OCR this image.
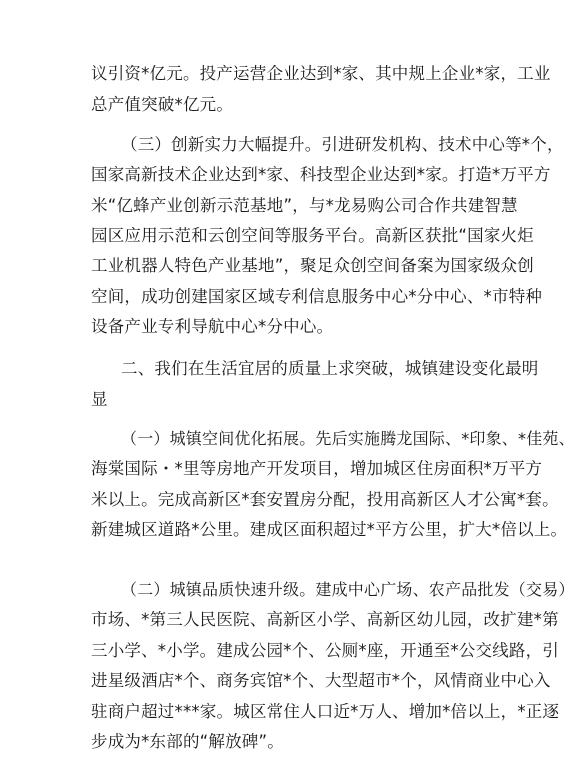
议引资*亿元。投产运营企业达到*家、其中规上企业*家，工业
总产值突破*亿元。
（三）创新实力大幅提升。引进研发机构、技术中心等*个，
国家高新技术企业达到*家、科技型企业达到*家。打造*万平方
米“亿蜂产业创新示范基地”，与*龙易购公司合作共建智慧
园区应用示范和云创空间等服务平台。高新区获批“国家火炬
工业机器人特色产业基地”，聚足众创空间备案为国家级众创
空间，成功创建国家区域专利信息服务中心*分中心、*市特种
设备产业专利导航中心*分中心。
二、我们在生活宜居的质量上求突破，城镇建设变化最明
显
（一）城镇空间优化拓展。先后实施腾龙国际、*印象、*佳苑、
海棠国际・*里等房地产开发项目，增加城区住房面积*万平方
米以上。完成高新区*套安置房分配，投用高新区人才公寓*套。
新建城区道路*公里。建成区面积超过*平方公里，扩大*倍以上。
（二）城镇品质快速升级。建成中心广场、农产品批发（交易）
市场、*第三人民医院、高新区小学、高新区幼儿园，改扩建*第
三小学、*小学。建成公园*个、公厕*座，开通至*公交线路，引
进星级酒店*个、商务宾馆*个、大型超市*个，风情商业中心入
驻商户超过***家。城区常住人口近*万人、增加*倍以上，*正逐
步成为*东部的“解放碑”。
